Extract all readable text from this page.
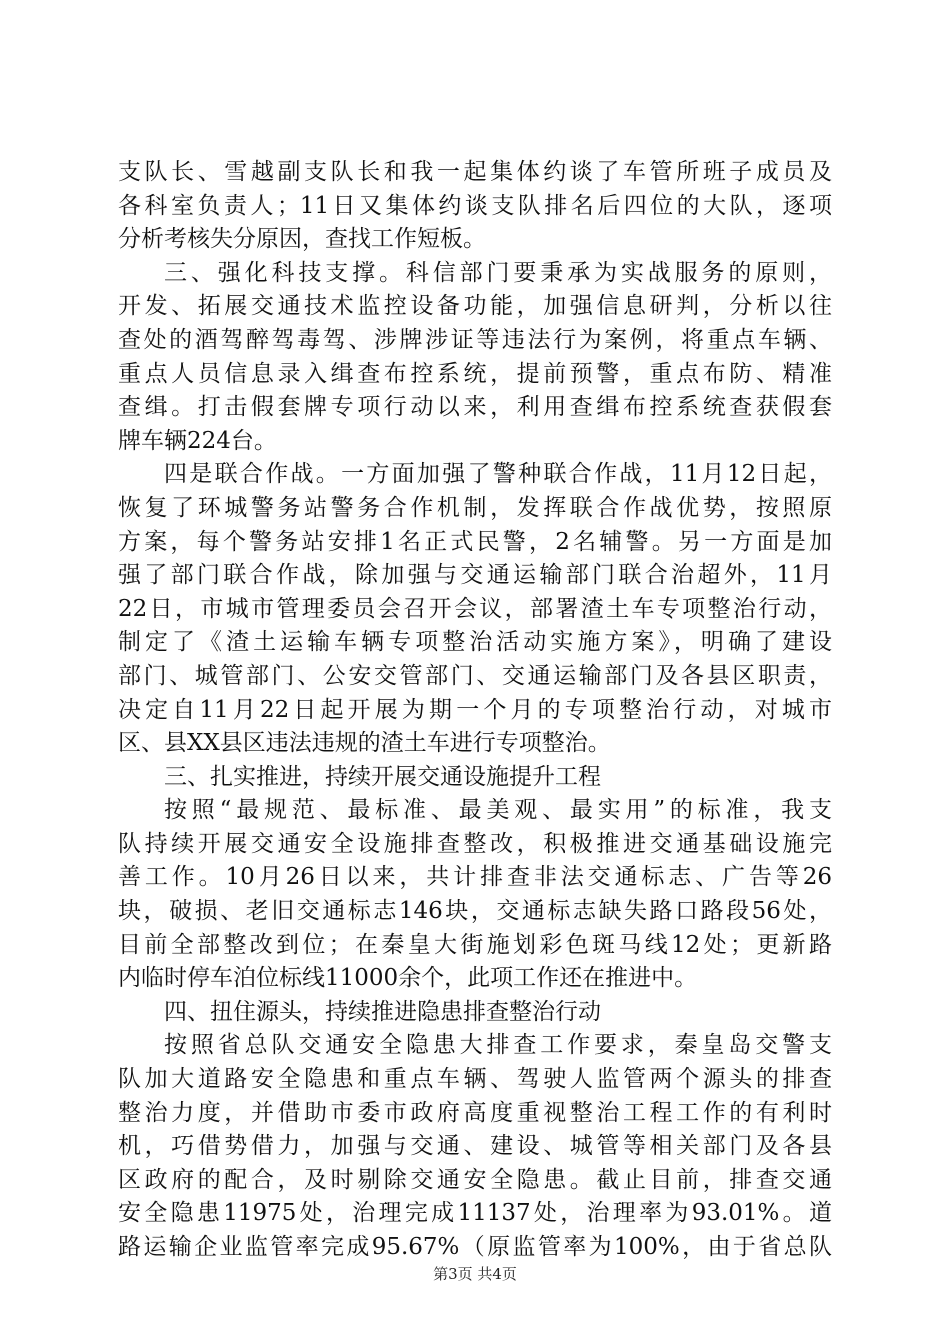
支队长、雪越副支队长和我一起集体约谈了车管所班子成员及
各科室负责人；11日又集体约谈支队排名后四位的大队，逐项
分析考核失分原因，查找工作短板。
三、强化科技支撑。科信部门要秉承为实战服务的原则，
开发、拓展交通技术监控设备功能，加强信息研判，分析以往
查处的酒驾醉驾毒驾、涉牌涉证等违法行为案例，将重点车辆、
重点人员信息录入缉查布控系统，提前预警，重点布防、精准
查缉。打击假套牌专项行动以来，利用查缉布控系统查获假套
牌车辆224台。
四是联合作战。一方面加强了警种联合作战，11月12日起，
恢复了环城警务站警务合作机制，发挥联合作战优势，按照原
方案，每个警务站安排1名正式民警，2名辅警。另一方面是加
强了部门联合作战，除加强与交通运输部门联合治超外，11月
22日，市城市管理委员会召开会议，部署渣土车专项整治行动，
制定了《渣土运输车辆专项整治活动实施方案》，明确了建设
部门、城管部门、公安交管部门、交通运输部门及各县区职责，
决定自11月22日起开展为期一个月的专项整治行动，对城市
区、县XX县区违法违规的渣土车进行专项整治。
三、扎实推进，持续开展交通设施提升工程
按照“最规范、最标准、最美观、最实用”的标准，我支
队持续开展交通安全设施排查整改，积极推进交通基础设施完
善工作。10月26日以来，共计排查非法交通标志、广告等26
块，破损、老旧交通标志146块，交通标志缺失路口路段56处，
目前全部整改到位；在秦皇大街施划彩色斑马线12处；更新路
内临时停车泊位标线11000余个，此项工作还在推进中。
四、扭住源头，持续推进隐患排查整治行动
按照省总队交通安全隐患大排查工作要求，秦皇岛交警支
队加大道路安全隐患和重点车辆、驾驶人监管两个源头的排查
整治力度，并借助市委市政府高度重视整治工程工作的有利时
机，巧借势借力，加强与交通、建设、城管等相关部门及各县
区政府的配合，及时剔除交通安全隐患。截止目前，排查交通
安全隐患11975处，治理完成11137处，治理率为93.01%。道
路运输企业监管率完成95.67%（原监管率为100%，由于省总队
第3页 共4页
